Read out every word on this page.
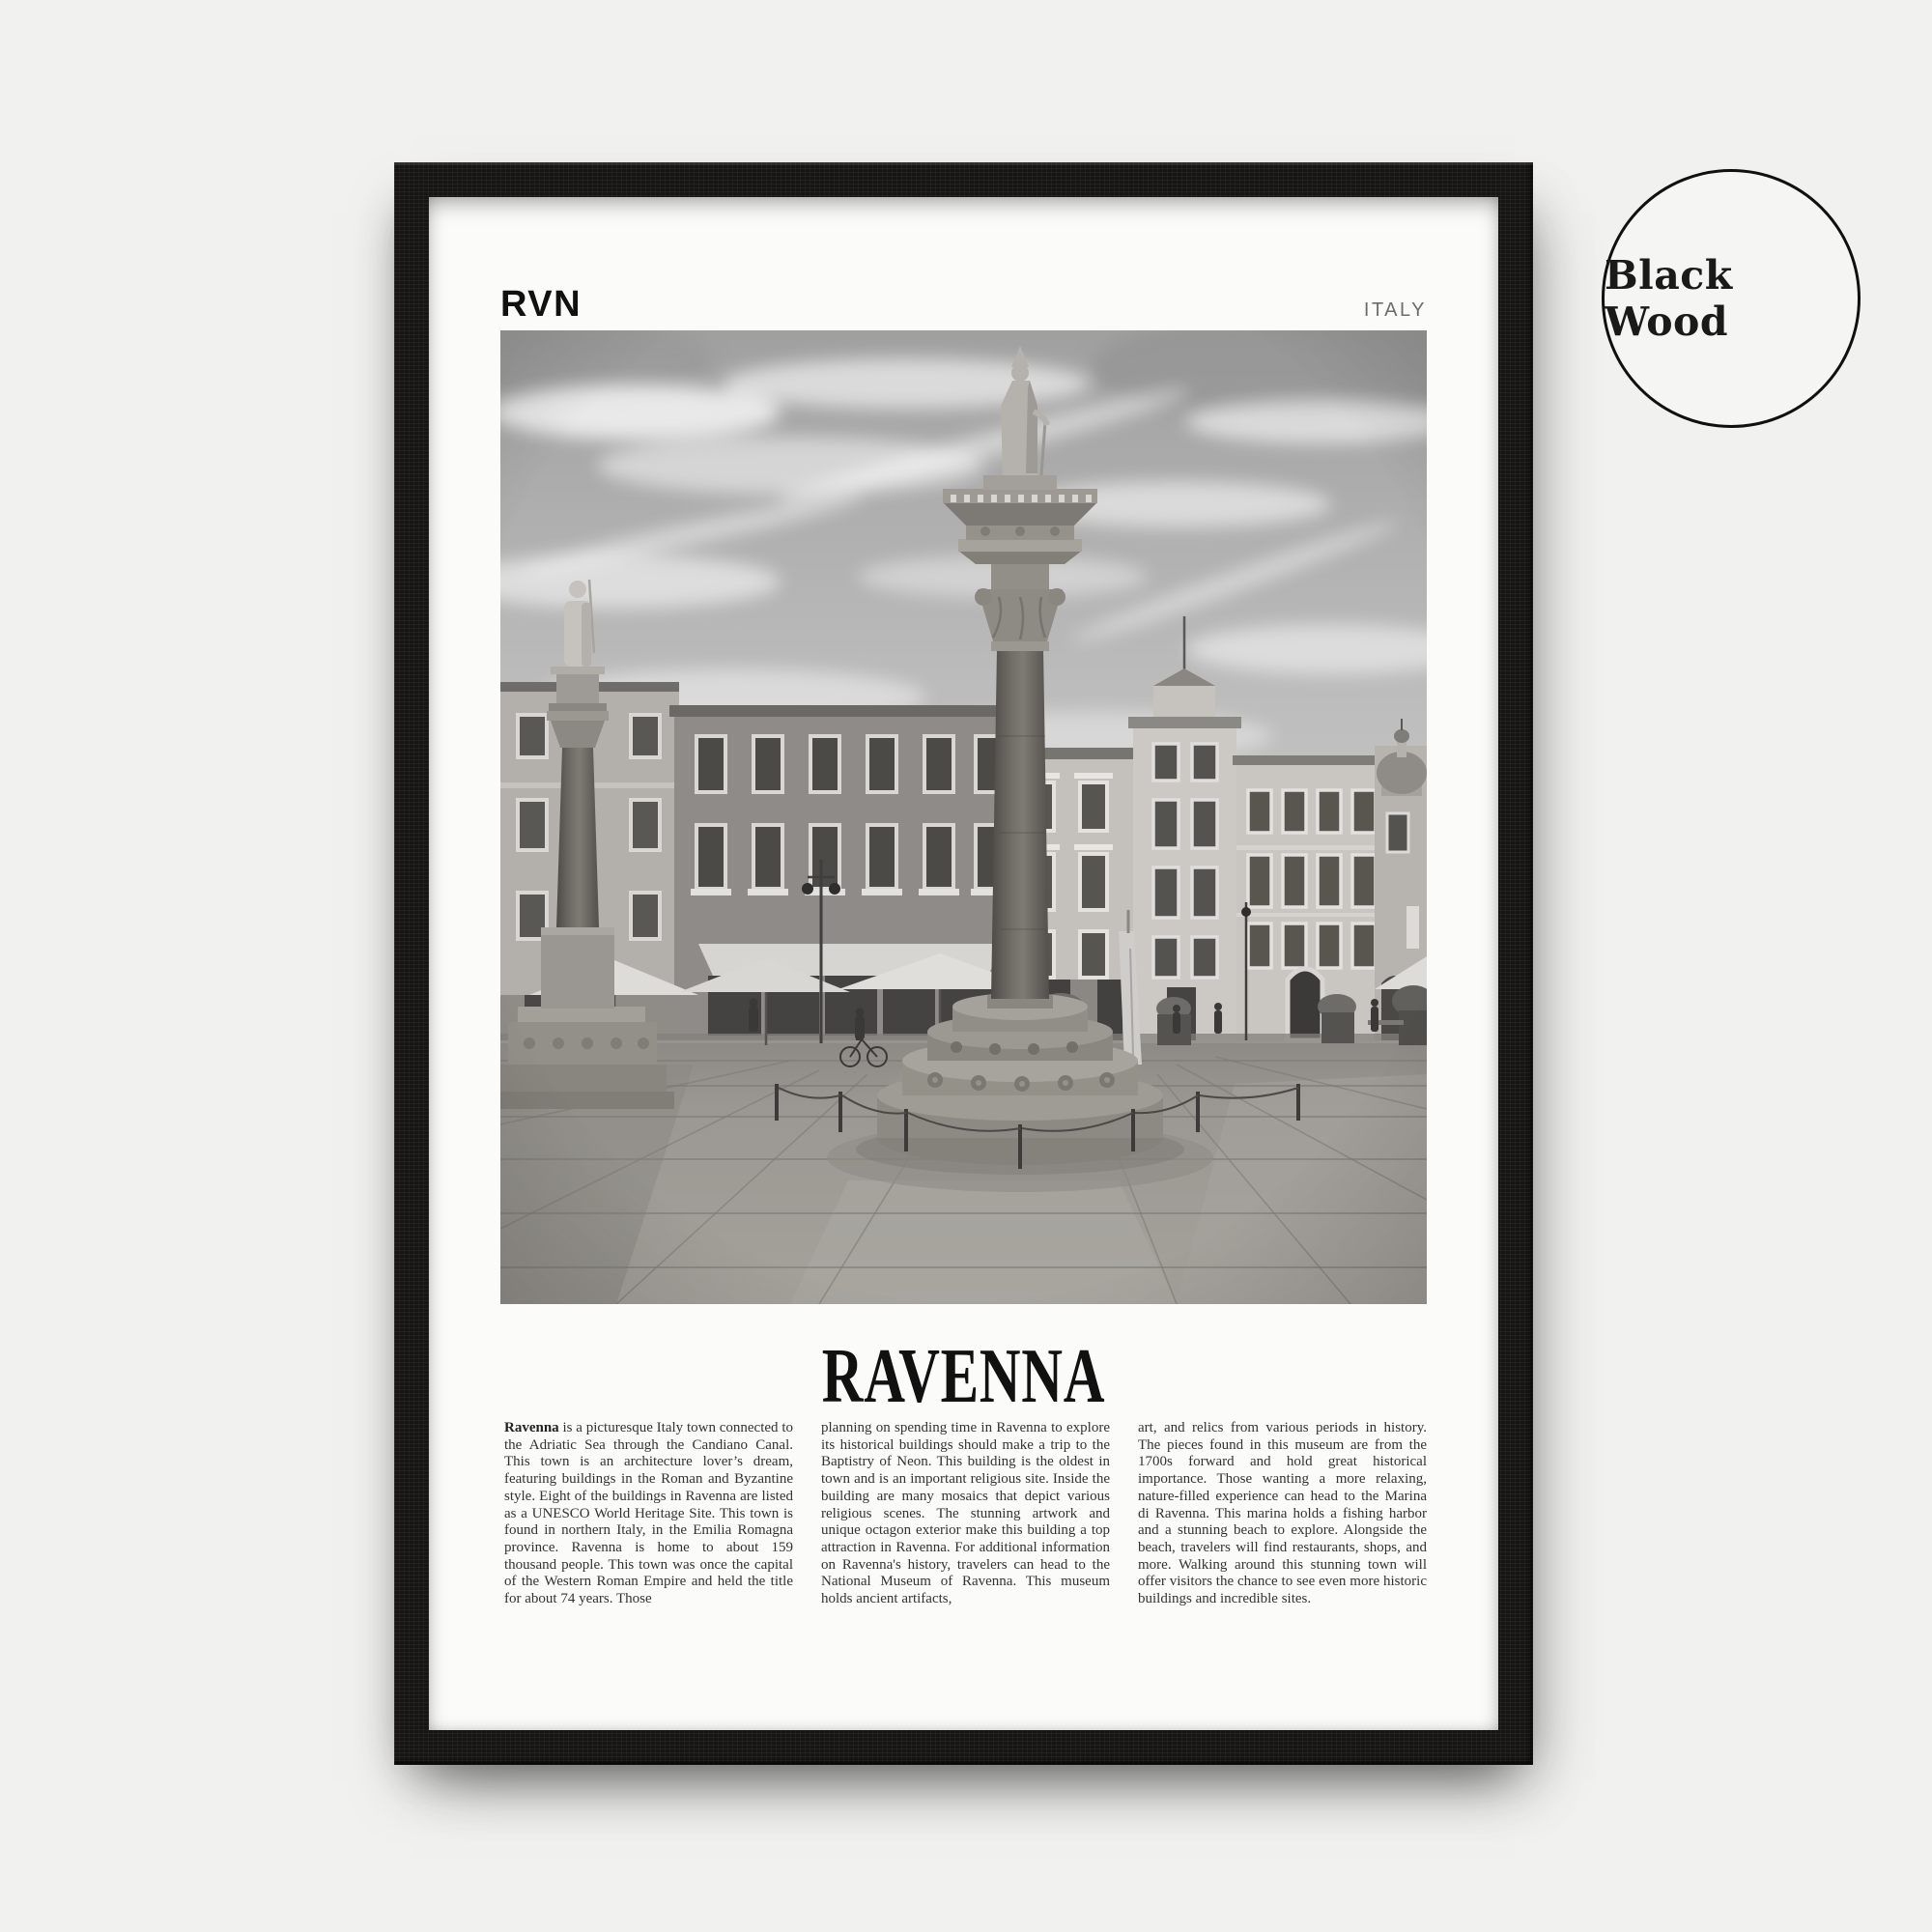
Black Wood
RVN	ITALY
RAVENNA

Ravenna is a picturesque Italy town connected to the Adriatic Sea through the Candiano Canal. This town is an architecture lover’s dream, featuring buildings in the Roman and Byzantine style. Eight of the buildings in Ravenna are listed as a UNESCO World Heritage Site. This town is found in northern Italy, in the Emilia Romagna province. Ravenna is home to about 159 thousand people. This town was once the capital of the Western Roman Empire and held the title for about 74 years. Those

planning on spending time in Ravenna to explore its historical buildings should make a trip to the Baptistry of Neon. This building is the oldest in town and is an important religious site. Inside the building are many mosaics that depict various religious scenes. The stunning artwork and unique octagon exterior make this building a top attraction in Ravenna. For additional information on Ravenna's history, travelers can head to the National Museum of Ravenna. This museum holds ancient artifacts,

art, and relics from various periods in history. The pieces found in this museum are from the 1700s forward and hold great historical importance. Those wanting a more relaxing, nature-filled experience can head to the Marina di Ravenna. This marina holds a fishing harbor and a stunning beach to explore. Alongside the beach, travelers will find restaurants, shops, and more. Walking around this stunning town will offer visitors the chance to see even more historic buildings and incredible sites.
